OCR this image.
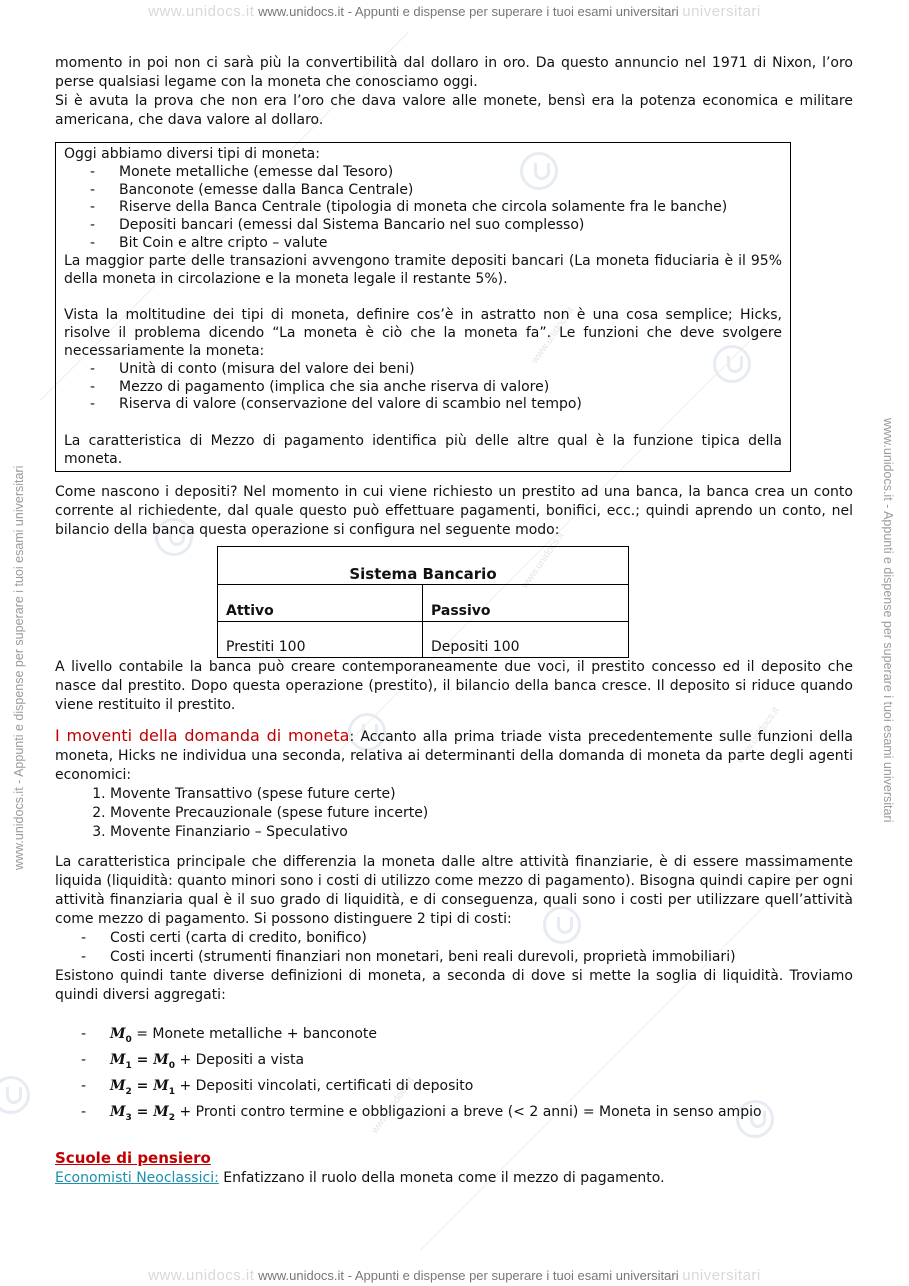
www.unidocs.it www.unidocs.it - Appunti e dispense per superare i tuoi esami universitari universitari
www.unidocs.it www.unidocs.it - Appunti e dispense per superare i tuoi esami universitari universitari
www.unidocs.it - Appunti e dispense per superare i tuoi esami universitari	www.unidocs.it - Appunti e dispense per superare i tuoi esami universitari
www.unidocs.it
www.unidocs.it
www.unidocs.it
www.unidocs.it

momento in poi non ci sarà più la convertibilità dal dollaro in oro. Da questo annuncio nel 1971 di Nixon, l’oro perse qualsiasi legame con la moneta che conosciamo oggi.

Si è avuta la prova che non era l’oro che dava valore alle monete, bensì era la potenza economica e militare americana, che dava valore al dollaro.

Oggi abbiamo diversi tipi di moneta:

- Monete metalliche (emesse dal Tesoro)
- Banconote (emesse dalla Banca Centrale)
- Riserve della Banca Centrale (tipologia di moneta che circola solamente fra le banche)
- Depositi bancari (emessi dal Sistema Bancario nel suo complesso)
- Bit Coin e altre cripto – valute

La maggior parte delle transazioni avvengono tramite depositi bancari (La moneta fiduciaria è il 95% della moneta in circolazione e la moneta legale il restante 5%).

Vista la moltitudine dei tipi di moneta, definire cos’è in astratto non è una cosa semplice; Hicks, risolve il problema dicendo “La moneta è ciò che la moneta fa”. Le funzioni che deve svolgere necessariamente la moneta:

- Unità di conto (misura del valore dei beni)
- Mezzo di pagamento (implica che sia anche riserva di valore)
- Riserva di valore (conservazione del valore di scambio nel tempo)

La caratteristica di Mezzo di pagamento identifica più delle altre qual è la funzione tipica della moneta.

Come nascono i depositi? Nel momento in cui viene richiesto un prestito ad una banca, la banca crea un conto corrente al richiedente, dal quale questo può effettuare pagamenti, bonifici, ecc.; quindi aprendo un conto, nel bilancio della banca questa operazione si configura nel seguente modo:

Sistema Bancario	
Attivo	Passivo
Prestiti 100	Depositi 100

A livello contabile la banca può creare contemporaneamente due voci, il prestito concesso ed il deposito che nasce dal prestito. Dopo questa operazione (prestito), il bilancio della banca cresce. Il deposito si riduce quando viene restituito il prestito.

I moventi della domanda di moneta: Accanto alla prima triade vista precedentemente sulle funzioni della moneta, Hicks ne individua una seconda, relativa ai determinanti della domanda di moneta da parte degli agenti economici:

1. Movente Transattivo (spese future certe)
2. Movente Precauzionale (spese future incerte)
3. Movente Finanziario – Speculativo

La caratteristica principale che differenzia la moneta dalle altre attività finanziarie, è di essere massimamente liquida (liquidità: quanto minori sono i costi di utilizzo come mezzo di pagamento). Bisogna quindi capire per ogni attività finanziaria qual è il suo grado di liquidità, e di conseguenza, quali sono i costi per utilizzare quell’attività come mezzo di pagamento. Si possono distinguere 2 tipi di costi:

- Costi certi (carta di credito, bonifico)
- Costi incerti (strumenti finanziari non monetari, beni reali durevoli, proprietà immobiliari)

Esistono quindi tante diverse definizioni di moneta, a seconda di dove si mette la soglia di liquidità. Troviamo quindi diversi aggregati:

- $M_0$ = Monete metalliche + banconote
- $M_1 = M_0$ + Depositi a vista
- $M_2 = M_1$ + Depositi vincolati, certificati di deposito
- $M_3 = M_2$ + Pronti contro termine e obbligazioni a breve (< 2 anni) = Moneta in senso ampio

Scuole di pensiero

Economisti Neoclassici: Enfatizzano il ruolo della moneta come il mezzo di pagamento.
